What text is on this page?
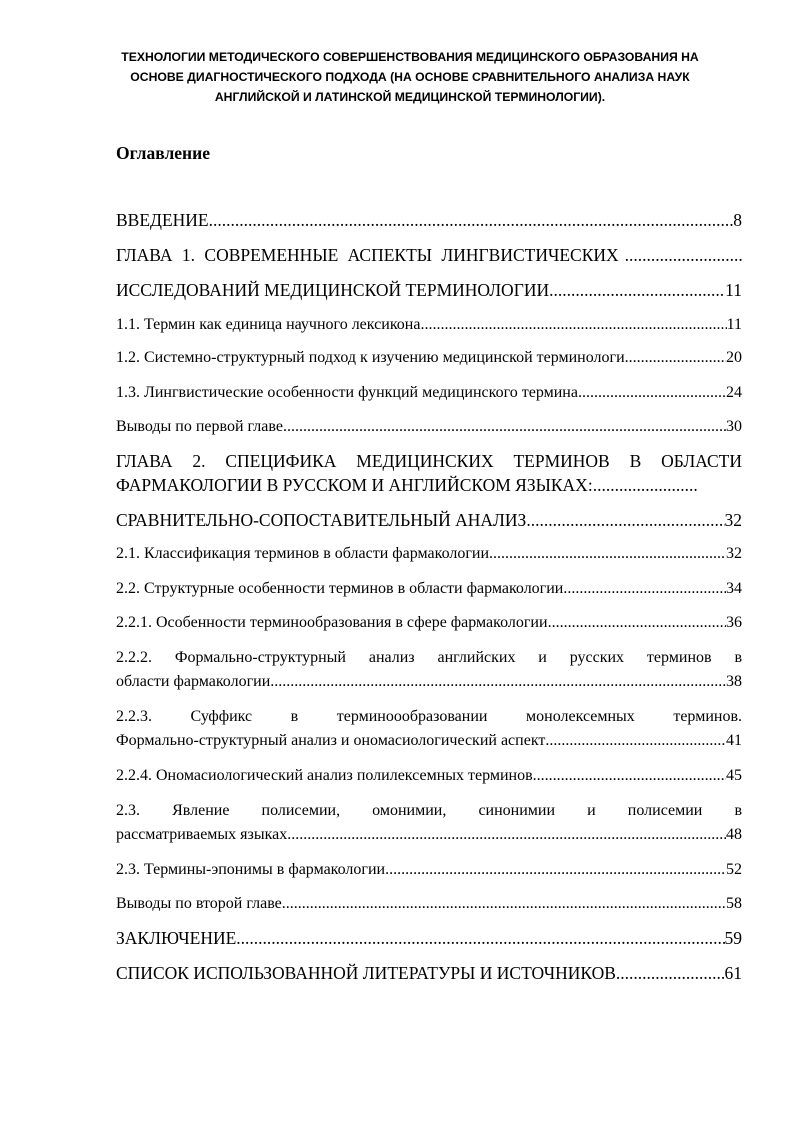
ТЕХНОЛОГИИ МЕТОДИЧЕСКОГО СОВЕРШЕНСТВОВАНИЯ МЕДИЦИНСКОГО ОБРАЗОВАНИЯ НА
ОСНОВЕ ДИАГНОСТИЧЕСКОГО ПОДХОДА (НА ОСНОВЕ СРАВНИТЕЛЬНОГО АНАЛИЗА НАУК
АНГЛИЙСКОЙ И ЛАТИНСКОЙ МЕДИЦИНСКОЙ ТЕРМИНОЛОГИИ).
Оглавление
ВВЕДЕНИЕ .....	8
ГЛАВА 1. СОВРЕМЕННЫЕ АСПЕКТЫ ЛИНГВИСТИЧЕСКИХ
.....
ИССЛЕДОВАНИЙ МЕДИЦИНСКОЙ ТЕРМИНОЛОГИИ .....	11
1.1. Термин как единица научного лексикона .....	11
1.2. Системно-структурный подход к изучению медицинской терминологи. .....	20
1.3. Лингвистические особенности функций медицинского термина .....	24
Выводы по первой главе .....	30
ГЛАВА 2. СПЕЦИФИКА МЕДИЦИНСКИХ ТЕРМИНОВ В ОБЛАСТИ
ФАРМАКОЛОГИИ В РУССКОМ И АНГЛИЙСКОМ ЯЗЫКАХ:
.....
СРАВНИТЕЛЬНО-СОПОСТАВИТЕЛЬНЫЙ АНАЛИЗ .....	32
2.1. Классификация терминов в области фармакологии .....	32
2.2. Структурные особенности терминов в области фармакологии .....	34
2.2.1. Особенности терминообразования в сфере фармакологии .....	36
2.2.2. Формально-структурный анализ английских и русских терминов в
области фармакологии .....	38
2.2.3. Суффикс в терминоообразовании монолексемных терминов.
Формально-структурный анализ и ономасиологический аспект .....	41
2.2.4. Ономасиологический анализ полилексемных терминов .....	45
2.3. Явление полисемии, омонимии, синонимии и полисемии в
рассматриваемых языках .....	48
2.3. Термины-эпонимы в фармакологии .....	52
Выводы по второй главе .....	58
ЗАКЛЮЧЕНИЕ .....	59
СПИСОК ИСПОЛЬЗОВАННОЙ ЛИТЕРАТУРЫ И ИСТОЧНИКОВ .....	61
